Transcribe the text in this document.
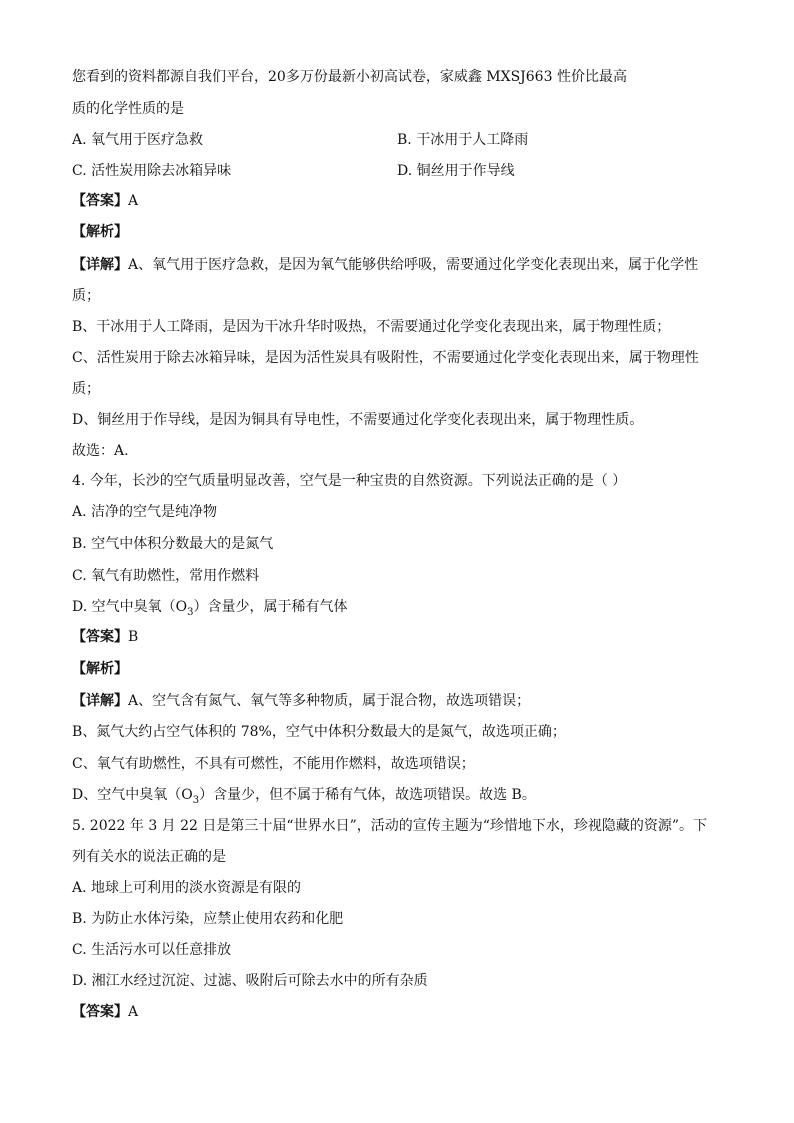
您看到的资料都源自我们平台，20多万份最新小初高试卷，家威鑫 MXSJ663 性价比最高
质的化学性质的是
A. 氧气用于医疗急救	B. 干冰用于人工降雨
C. 活性炭用除去冰箱异味	D. 铜丝用于作导线
【答案】A
【解析】
【详解】A、氧气用于医疗急救，是因为氧气能够供给呼吸，需要通过化学变化表现出来，属于化学性
质；
B、干冰用于人工降雨，是因为干冰升华时吸热，不需要通过化学变化表现出来，属于物理性质；
C、活性炭用于除去冰箱异味，是因为活性炭具有吸附性，不需要通过化学变化表现出来，属于物理性
质；
D、铜丝用于作导线，是因为铜具有导电性，不需要通过化学变化表现出来，属于物理性质。
故选：A.
4. 今年，长沙的空气质量明显改善，空气是一种宝贵的自然资源。下列说法正确的是（ ）
A. 洁净的空气是纯净物
B. 空气中体积分数最大的是氮气
C. 氧气有助燃性，常用作燃料
D. 空气中臭氧$(O_3)$含量少，属于稀有气体
【答案】B
【解析】
【详解】A、空气含有氮气、氧气等多种物质，属于混合物，故选项错误；
B、氮气大约占空气体积的 78%，空气中体积分数最大的是氮气，故选项正确；
C、氧气有助燃性，不具有可燃性，不能用作燃料，故选项错误；
D、空气中臭氧$(O_3)$含量少，但不属于稀有气体，故选项错误。故选 B。
5. 2022 年 3 月 22 日是第三十届“世界水日”，活动的宣传主题为“珍惜地下水，珍视隐藏的资源”。下
列有关水的说法正确的是
A. 地球上可利用的淡水资源是有限的
B. 为防止水体污染，应禁止使用农药和化肥
C. 生活污水可以任意排放
D. 湘江水经过沉淀、过滤、吸附后可除去水中的所有杂质
【答案】A
